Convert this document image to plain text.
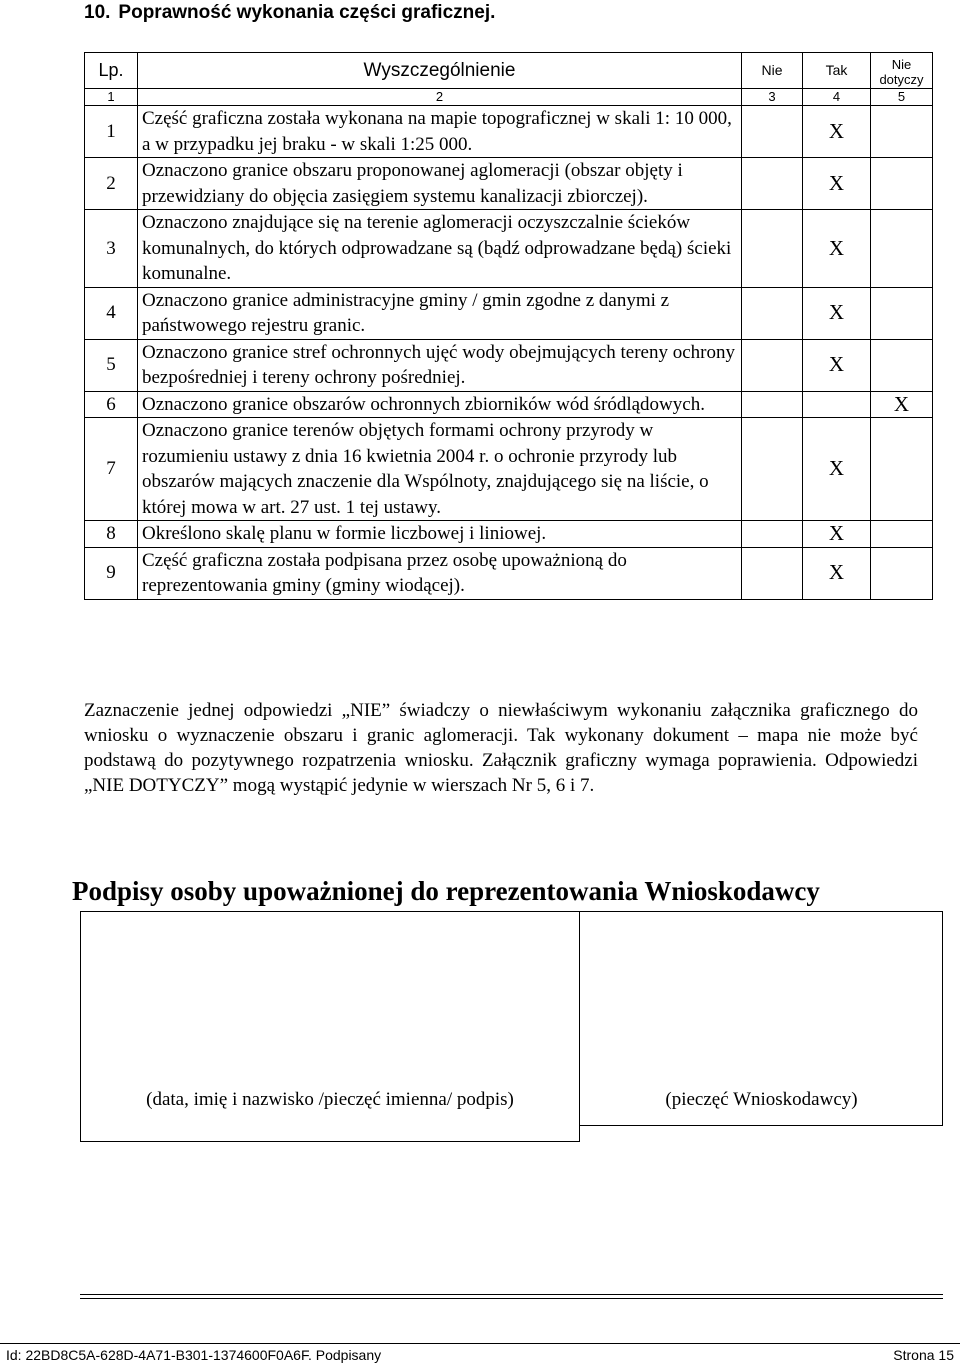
10. Poprawność wykonania części graficznej.
Lp.	Wyszczególnienie	Nie	Tak	Nie dotyczy
1	2	3	4	5
1	Część graficzna została wykonana na mapie topograficznej w skali 1: 10 000, a w przypadku jej braku - w skali 1:25 000.		X	
2	Oznaczono granice obszaru proponowanej aglomeracji (obszar objęty i przewidziany do objęcia zasięgiem systemu kanalizacji zbiorczej).		X	
3	Oznaczono znajdujące się na terenie aglomeracji oczyszczalnie ścieków komunalnych, do których odprowadzane są (bądź odprowadzane będą) ścieki komunalne.		X	
4	Oznaczono granice administracyjne gminy / gmin zgodne z danymi z państwowego rejestru granic.		X	
5	Oznaczono granice stref ochronnych ujęć wody obejmujących tereny ochrony bezpośredniej i tereny ochrony pośredniej.		X	
6	Oznaczono granice obszarów ochronnych zbiorników wód śródlądowych.			X
7	Oznaczono granice terenów objętych formami ochrony przyrody w rozumieniu ustawy z dnia 16 kwietnia 2004 r. o ochronie przyrody lub obszarów mających znaczenie dla Wspólnoty, znajdującego się na liście, o której mowa w art. 27 ust. 1 tej ustawy.		X	
8	Określono skalę planu w formie liczbowej i liniowej.		X	
9	Część graficzna została podpisana przez osobę upoważnioną do reprezentowania gminy (gminy wiodącej).		X	

Zaznaczenie jednej odpowiedzi „NIE” świadczy o niewłaściwym wykonaniu załącznika graficznego do wniosku o wyznaczenie obszaru i granic aglomeracji. Tak wykonany dokument – mapa nie może być podstawą do pozytywnego rozpatrzenia wniosku. Załącznik graficzny wymaga poprawienia. Odpowiedzi „NIE DOTYCZY” mogą wystąpić jedynie w wierszach Nr 5, 6 i 7.

Podpisy osoby upoważnionej do reprezentowania Wnioskodawcy
(data, imię i nazwisko /pieczęć imienna/ podpis)	(pieczęć Wnioskodawcy)
Id: 22BD8C5A-628D-4A71-B301-1374600F0A6F. Podpisany	Strona 15
